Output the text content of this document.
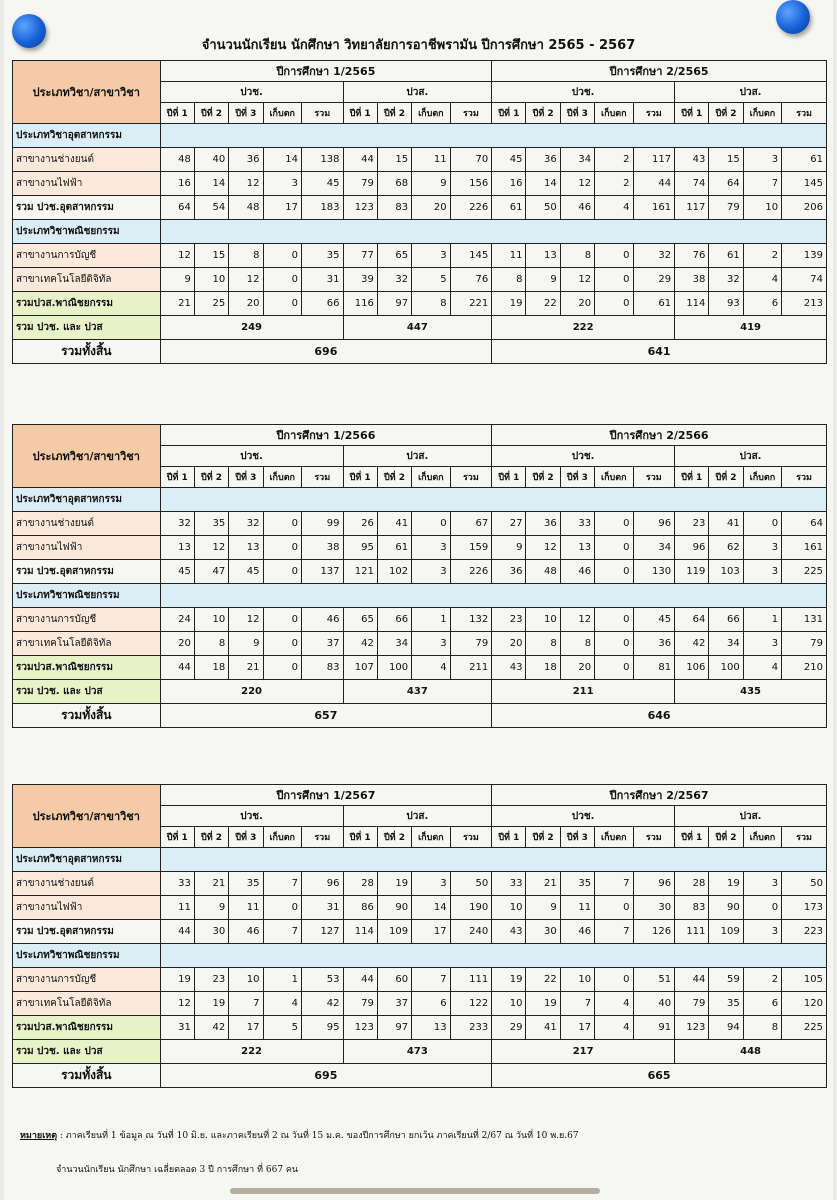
จำนวนนักเรียน นักศึกษา วิทยาลัยการอาชีพรามัน ปีการศึกษา 2565 - 2567
ประเภทวิชา/สาขาวิชา	ปีการศึกษา 1/2565									ปีการศึกษา 2/2565								
	ปวช.					ปวส.				ปวช.					ปวส.			
	ปีที่ 1	ปีที่ 2	ปีที่ 3	เก็บตก	รวม	ปีที่ 1	ปีที่ 2	เก็บตก	รวม	ปีที่ 1	ปีที่ 2	ปีที่ 3	เก็บตก	รวม	ปีที่ 1	ปีที่ 2	เก็บตก	รวม
ประเภทวิชาอุตสาหกรรม																		
สาขางานช่างยนต์	48	40	36	14	138	44	15	11	70	45	36	34	2	117	43	15	3	61
สาขางานไฟฟ้า	16	14	12	3	45	79	68	9	156	16	14	12	2	44	74	64	7	145
รวม ปวช.อุตสาหกรรม	64	54	48	17	183	123	83	20	226	61	50	46	4	161	117	79	10	206
ประเภทวิชาพณิชยกรรม																		
สาขางานการบัญชี	12	15	8	0	35	77	65	3	145	11	13	8	0	32	76	61	2	139
สาขาเทคโนโลยีดิจิทัล	9	10	12	0	31	39	32	5	76	8	9	12	0	29	38	32	4	74
รวมปวส.พาณิชยกรรม	21	25	20	0	66	116	97	8	221	19	22	20	0	61	114	93	6	213
รวม ปวช. และ ปวส	249					447				222					419			
รวมทั้งสิ้น	696									641								
ประเภทวิชา/สาขาวิชา	ปีการศึกษา 1/2566									ปีการศึกษา 2/2566								
	ปวช.					ปวส.				ปวช.					ปวส.			
	ปีที่ 1	ปีที่ 2	ปีที่ 3	เก็บตก	รวม	ปีที่ 1	ปีที่ 2	เก็บตก	รวม	ปีที่ 1	ปีที่ 2	ปีที่ 3	เก็บตก	รวม	ปีที่ 1	ปีที่ 2	เก็บตก	รวม
ประเภทวิชาอุตสาหกรรม																		
สาขางานช่างยนต์	32	35	32	0	99	26	41	0	67	27	36	33	0	96	23	41	0	64
สาขางานไฟฟ้า	13	12	13	0	38	95	61	3	159	9	12	13	0	34	96	62	3	161
รวม ปวช.อุตสาหกรรม	45	47	45	0	137	121	102	3	226	36	48	46	0	130	119	103	3	225
ประเภทวิชาพณิชยกรรม																		
สาขางานการบัญชี	24	10	12	0	46	65	66	1	132	23	10	12	0	45	64	66	1	131
สาขาเทคโนโลยีดิจิทัล	20	8	9	0	37	42	34	3	79	20	8	8	0	36	42	34	3	79
รวมปวส.พาณิชยกรรม	44	18	21	0	83	107	100	4	211	43	18	20	0	81	106	100	4	210
รวม ปวช. และ ปวส	220					437				211					435			
รวมทั้งสิ้น	657									646								
ประเภทวิชา/สาขาวิชา	ปีการศึกษา 1/2567									ปีการศึกษา 2/2567								
	ปวช.					ปวส.				ปวช.					ปวส.			
	ปีที่ 1	ปีที่ 2	ปีที่ 3	เก็บตก	รวม	ปีที่ 1	ปีที่ 2	เก็บตก	รวม	ปีที่ 1	ปีที่ 2	ปีที่ 3	เก็บตก	รวม	ปีที่ 1	ปีที่ 2	เก็บตก	รวม
ประเภทวิชาอุตสาหกรรม																		
สาขางานช่างยนต์	33	21	35	7	96	28	19	3	50	33	21	35	7	96	28	19	3	50
สาขางานไฟฟ้า	11	9	11	0	31	86	90	14	190	10	9	11	0	30	83	90	0	173
รวม ปวช.อุตสาหกรรม	44	30	46	7	127	114	109	17	240	43	30	46	7	126	111	109	3	223
ประเภทวิชาพณิชยกรรม																		
สาขางานการบัญชี	19	23	10	1	53	44	60	7	111	19	22	10	0	51	44	59	2	105
สาขาเทคโนโลยีดิจิทัล	12	19	7	4	42	79	37	6	122	10	19	7	4	40	79	35	6	120
รวมปวส.พาณิชยกรรม	31	42	17	5	95	123	97	13	233	29	41	17	4	91	123	94	8	225
รวม ปวช. และ ปวส	222					473				217					448			
รวมทั้งสิ้น	695									665								
หมายเหตุ : ภาคเรียนที่ 1 ข้อมูล ณ วันที่ 10 มิ.ย. และภาคเรียนที่ 2 ณ วันที่ 15 ม.ค. ของปีการศึกษา ยกเว้น ภาคเรียนที่ 2/67 ณ วันที่ 10 พ.ย.67
จำนวนนักเรียน นักศึกษา เฉลี่ยตลอด 3 ปี การศึกษา ที่ 667 คน
